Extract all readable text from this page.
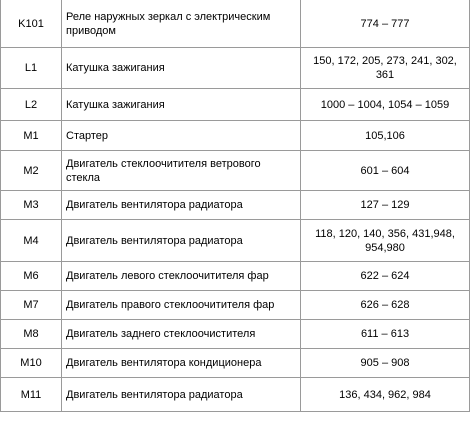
K101	Реле наружных зеркал с электрическим приводом	774 – 777
L1	Катушка зажигания	150, 172, 205, 273, 241, 302, 361
L2	Катушка зажигания	1000 – 1004, 1054 – 1059
M1	Стартер	105,106
M2	Двигатель стеклоочитителя ветрового стекла	601 – 604
M3	Двигатель вентилятора радиатора	127 – 129
M4	Двигатель вентилятора радиатора	118, 120, 140, 356, 431,948, 954,980
M6	Двигатель левого стеклоочитителя фар	622 – 624
M7	Двигатель правого стеклоочитителя фар	626 – 628
M8	Двигатель заднего стеклоочистителя	611 – 613
M10	Двигатель вентилятора кондиционера	905 – 908
M11	Двигатель вентилятора радиатора	136, 434, 962, 984
